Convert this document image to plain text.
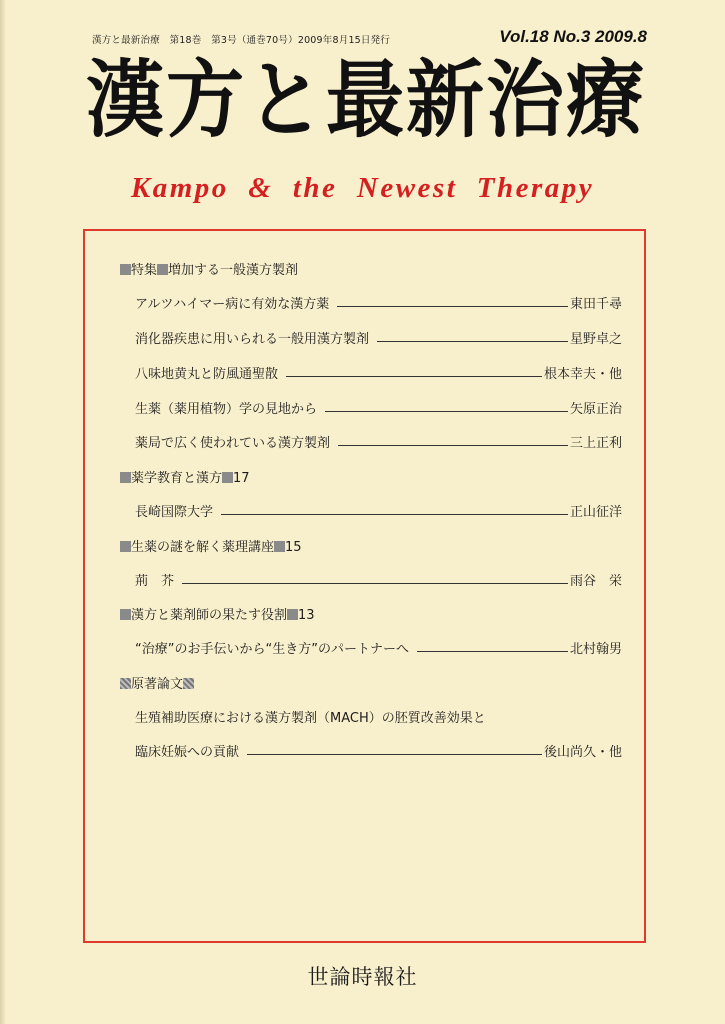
漢方と最新治療　第18巻　第3号（通巻70号）2009年8月15日発行	Vol.18 No.3 2009.8
漢方と最新治療
Kampo  &  the  Newest  Therapy
特集 増加する一般漢方製剤
アルツハイマー病に有効な漢方薬	東田千尋
消化器疾患に用いられる一般用漢方製剤	星野卓之
八味地黄丸と防風通聖散	根本幸夫・他
生薬（薬用植物）学の見地から	矢原正治
薬局で広く使われている漢方製剤	三上正利
薬学教育と漢方 17
長崎国際大学	正山征洋
生薬の謎を解く薬理講座 15
荊　芥	雨谷　栄
漢方と薬剤師の果たす役割 13
“治療”のお手伝いから“生き方”のパートナーへ	北村翰男
原著論文
生殖補助医療における漢方製剤（MACH）の胚質改善効果と
臨床妊娠への貢献	後山尚久・他
世論時報社
